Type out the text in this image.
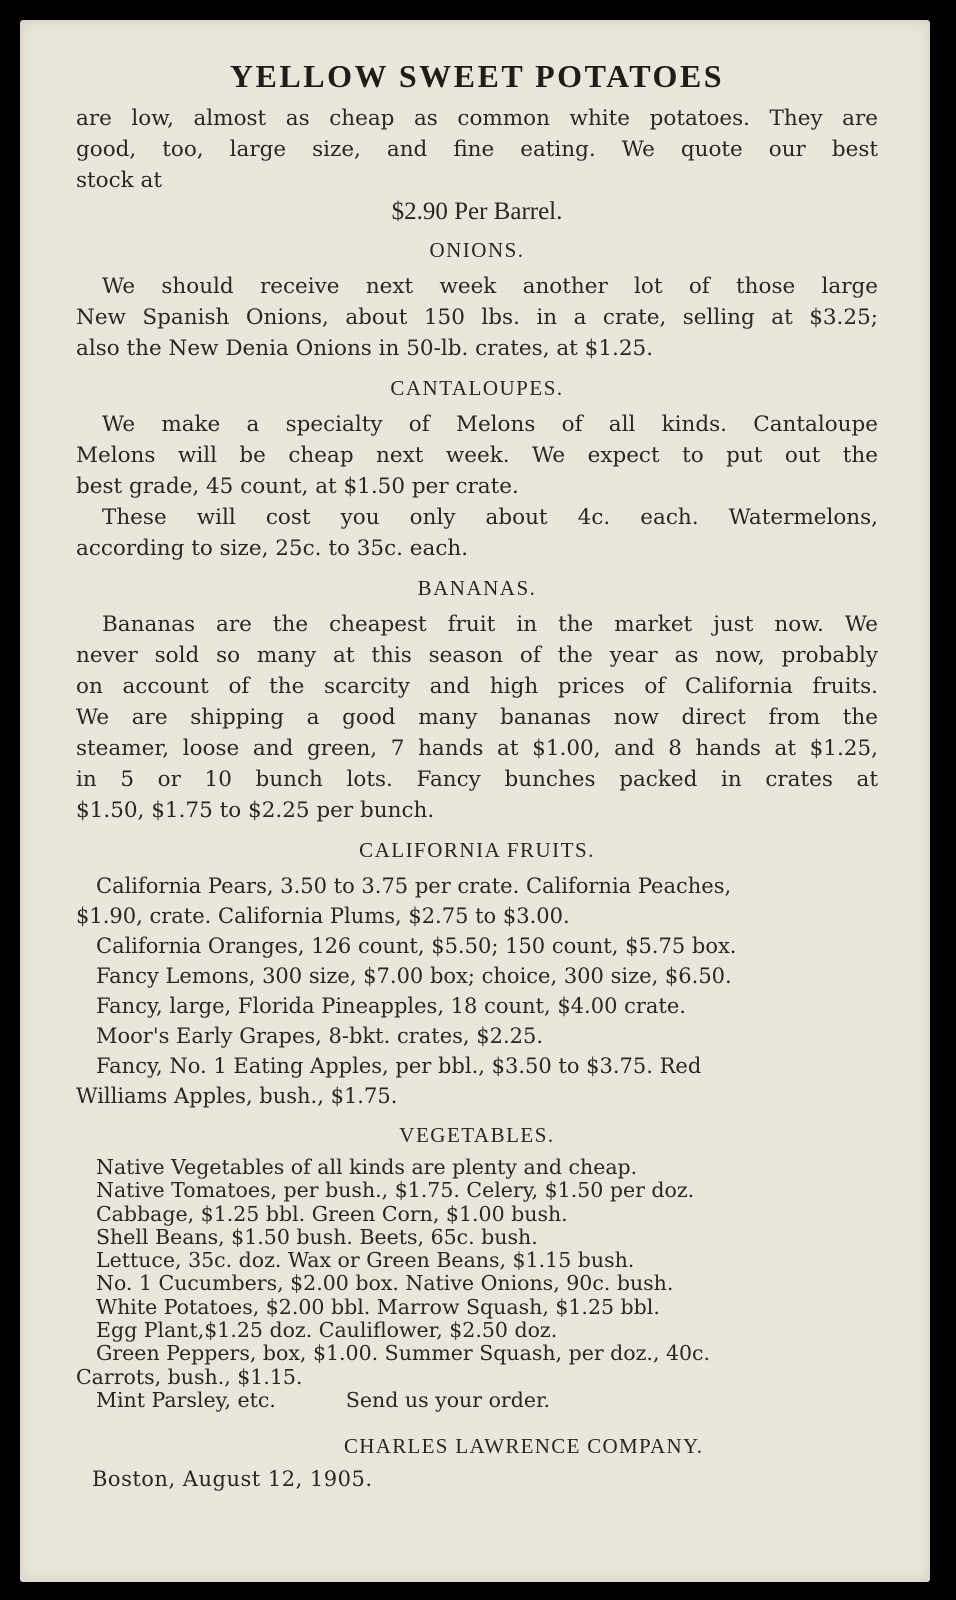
YELLOW SWEET POTATOES

are low, almost as cheap as common white potatoes. They are

good, too, large size, and fine eating. We quote our best

stock at

$2.90 Per Barrel.
ONIONS.

We should receive next week another lot of those large

New Spanish Onions, about 150 lbs. in a crate, selling at $3.25;

also the New Denia Onions in 50-lb. crates, at $1.25.

CANTALOUPES.

We make a specialty of Melons of all kinds. Cantaloupe

Melons will be cheap next week. We expect to put out the

best grade, 45 count, at $1.50 per crate.

These will cost you only about 4c. each. Watermelons,

according to size, 25c. to 35c. each.

BANANAS.

Bananas are the cheapest fruit in the market just now. We

never sold so many at this season of the year as now, probably

on account of the scarcity and high prices of California fruits.

We are shipping a good many bananas now direct from the

steamer, loose and green, 7 hands at $1.00, and 8 hands at $1.25,

in 5 or 10 bunch lots. Fancy bunches packed in crates at

$1.50, $1.75 to $2.25 per bunch.

CALIFORNIA FRUITS.
California Pears, 3.50 to 3.75 per crate. California Peaches,
$1.90, crate. California Plums, $2.75 to $3.00.
California Oranges, 126 count, $5.50; 150 count, $5.75 box.
Fancy Lemons, 300 size, $7.00 box; choice, 300 size, $6.50.
Fancy, large, Florida Pineapples, 18 count, $4.00 crate.
Moor's Early Grapes, 8-bkt. crates, $2.25.
Fancy, No. 1 Eating Apples, per bbl., $3.50 to $3.75. Red
Williams Apples, bush., $1.75.
VEGETABLES.
Native Vegetables of all kinds are plenty and cheap.
Native Tomatoes, per bush., $1.75. Celery, $1.50 per doz.
Cabbage, $1.25 bbl. Green Corn, $1.00 bush.
Shell Beans, $1.50 bush. Beets, 65c. bush.
Lettuce, 35c. doz. Wax or Green Beans, $1.15 bush.
No. 1 Cucumbers, $2.00 box. Native Onions, 90c. bush.
White Potatoes, $2.00 bbl. Marrow Squash, $1.25 bbl.
Egg Plant,$1.25 doz. Cauliflower, $2.50 doz.
Green Peppers, box, $1.00. Summer Squash, per doz., 40c.
Carrots, bush., $1.15.
Mint Parsley, etc.	Send us your order.
CHARLES LAWRENCE COMPANY.
Boston, August 12, 1905.
